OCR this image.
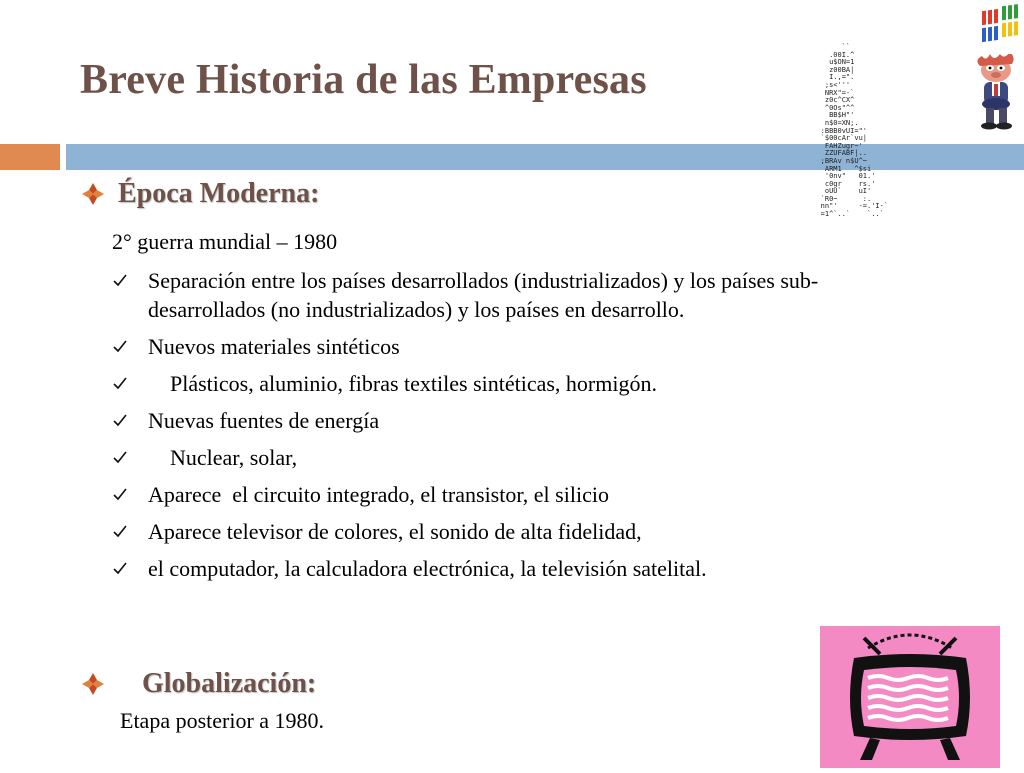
Breve Historia de las Empresas
``
.00I.^
u$ON=1
z00BA|
I.,=".
;s<'''
NRX"=-`
z0c^CX^
^0Os"^^
BB$H"'
n$0=XN;.
:BBB0vUI="'
`$00cAr`vu|
FAHZugr~'
ZZUFABF|..
;BRAv n$U^~
ARM1   ^$si
'0nv"   01.'
c0gr    rs.'
oUU`    uI'
`R0~      :.
nn"'     -=.'I-`
=1^`..`    `..`
Época Moderna:
2° guerra mundial – 1980
Separación entre los países desarrollados (industrializados) y los países sub-desarrollados (no industrializados) y los países en desarrollo.
Nuevos materiales sintéticos
Plásticos, aluminio, fibras textiles sintéticas, hormigón.
Nuevas fuentes de energía
Nuclear, solar,
Aparece  el circuito integrado, el transistor, el silicio
Aparece televisor de colores, el sonido de alta fidelidad,
el computador, la calculadora electrónica, la televisión satelital.
Globalización:
Etapa posterior a 1980.
